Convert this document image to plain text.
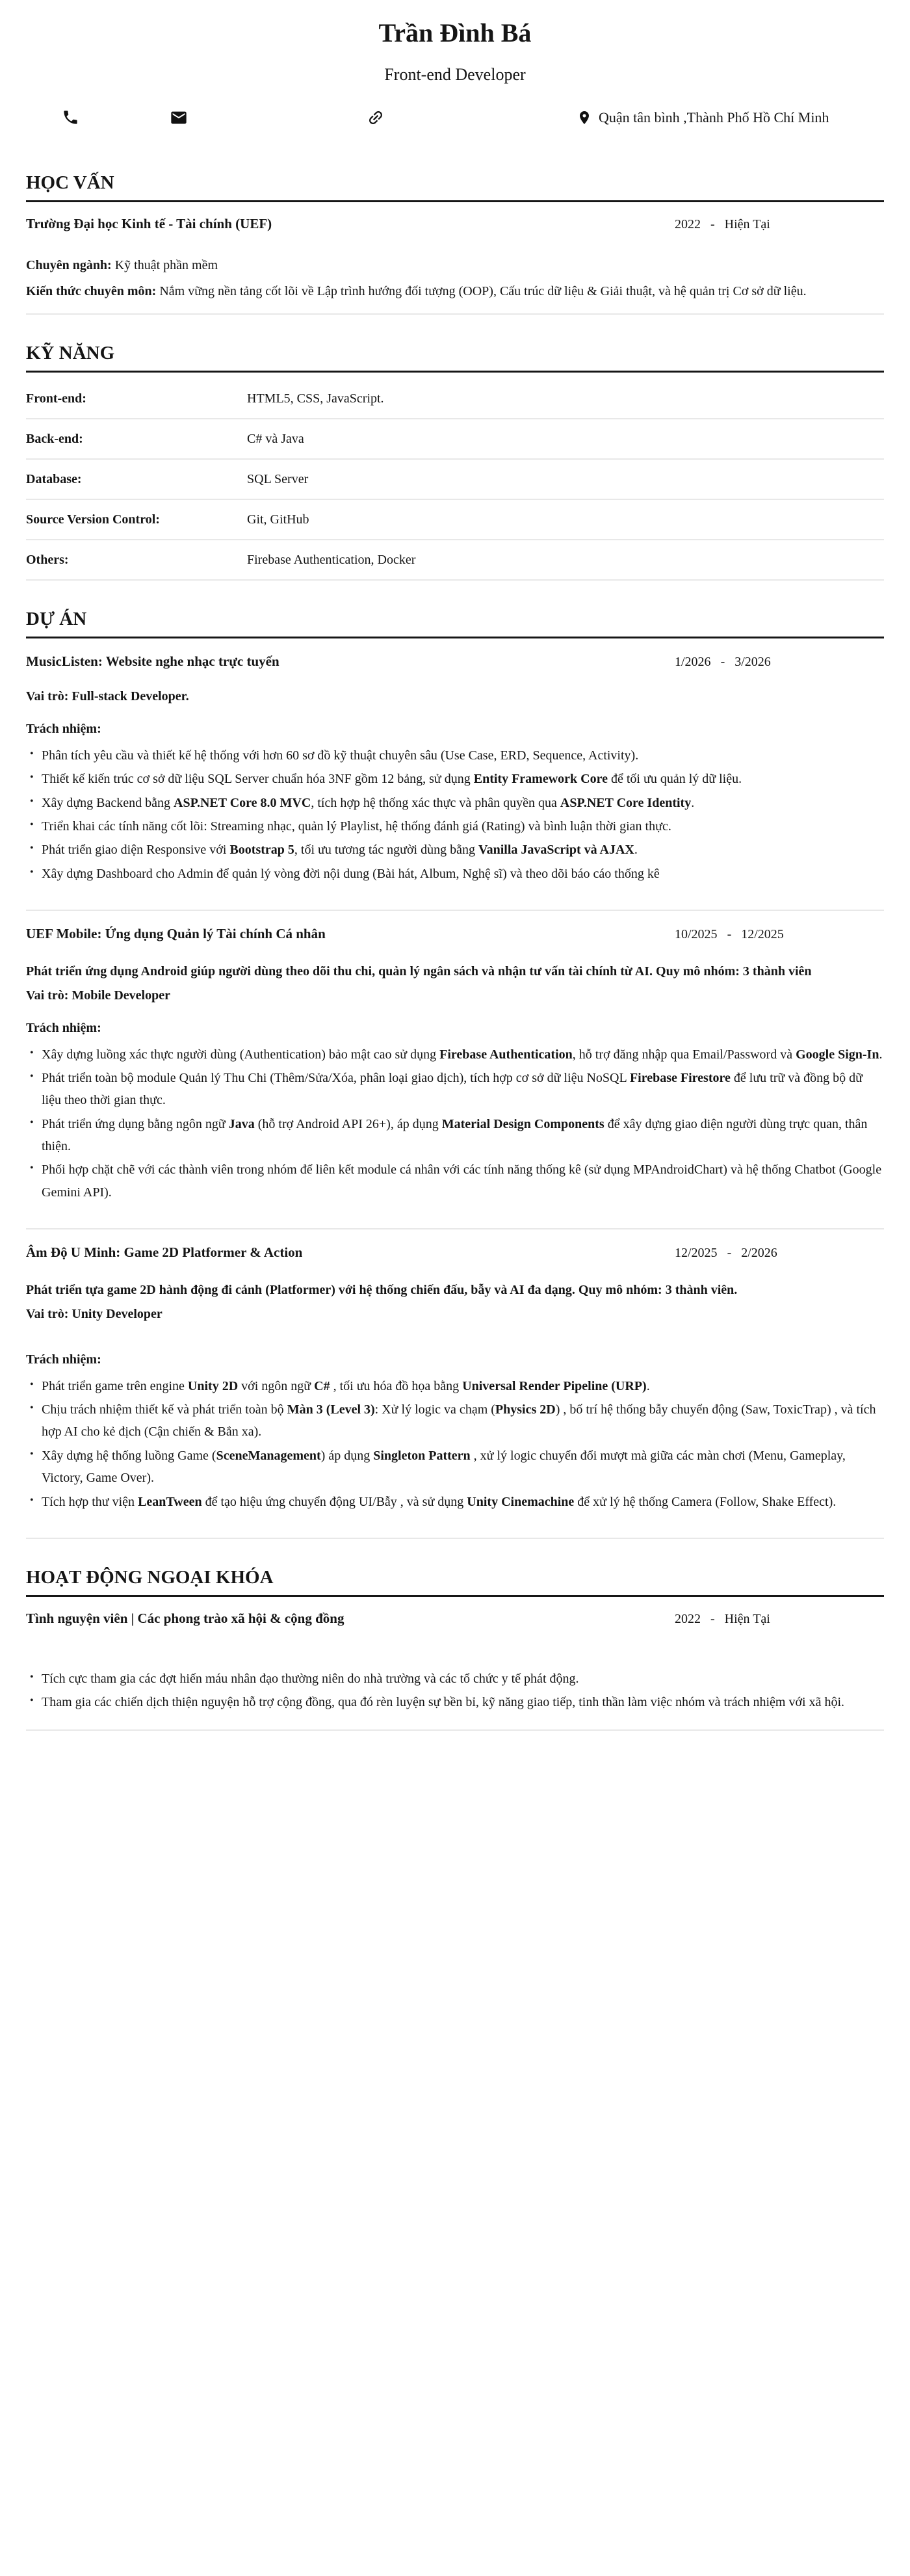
Trần Đình Bá
Front-end Developer
Quận tân bình ,Thành Phố Hồ Chí Minh
HỌC VẤN
Trường Đại học Kinh tế - Tài chính (UEF)	2022 - Hiện Tại
Chuyên ngành: Kỹ thuật phần mềm
Kiến thức chuyên môn: Nắm vững nền tảng cốt lõi về Lập trình hướng đối tượng (OOP), Cấu trúc dữ liệu & Giải thuật, và hệ quản trị Cơ sở dữ liệu.
KỸ NĂNG
Front-end:	HTML5, CSS, JavaScript.
Back-end:	C# và Java
Database:	SQL Server
Source Version Control:	Git, GitHub
Others:	Firebase Authentication, Docker
DỰ ÁN
MusicListen: Website nghe nhạc trực tuyến	1/2026 - 3/2026
Vai trò: Full-stack Developer.
Trách nhiệm:
• Phân tích yêu cầu và thiết kế hệ thống với hơn 60 sơ đồ kỹ thuật chuyên sâu (Use Case, ERD, Sequence, Activity).
• Thiết kế kiến trúc cơ sở dữ liệu SQL Server chuẩn hóa 3NF gồm 12 bảng, sử dụng Entity Framework Core để tối ưu quản lý dữ liệu.
• Xây dựng Backend bằng ASP.NET Core 8.0 MVC, tích hợp hệ thống xác thực và phân quyền qua ASP.NET Core Identity.
• Triển khai các tính năng cốt lõi: Streaming nhạc, quản lý Playlist, hệ thống đánh giá (Rating) và bình luận thời gian thực.
• Phát triển giao diện Responsive với Bootstrap 5, tối ưu tương tác người dùng bằng Vanilla JavaScript và AJAX.
• Xây dựng Dashboard cho Admin để quản lý vòng đời nội dung (Bài hát, Album, Nghệ sĩ) và theo dõi báo cáo thống kê
UEF Mobile: Ứng dụng Quản lý Tài chính Cá nhân	10/2025 - 12/2025
Phát triển ứng dụng Android giúp người dùng theo dõi thu chi, quản lý ngân sách và nhận tư vấn tài chính từ AI. Quy mô nhóm: 3 thành viên
Vai trò: Mobile Developer
Trách nhiệm:
• Xây dựng luồng xác thực người dùng (Authentication) bảo mật cao sử dụng Firebase Authentication, hỗ trợ đăng nhập qua Email/Password và Google Sign-In.
• Phát triển toàn bộ module Quản lý Thu Chi (Thêm/Sửa/Xóa, phân loại giao dịch), tích hợp cơ sở dữ liệu NoSQL Firebase Firestore để lưu trữ và đồng bộ dữ liệu theo thời gian thực.
• Phát triển ứng dụng bằng ngôn ngữ Java (hỗ trợ Android API 26+), áp dụng Material Design Components để xây dựng giao diện người dùng trực quan, thân thiện.
• Phối hợp chặt chẽ với các thành viên trong nhóm để liên kết module cá nhân với các tính năng thống kê (sử dụng MPAndroidChart) và hệ thống Chatbot (Google Gemini API).
Âm Độ U Minh: Game 2D Platformer & Action	12/2025 - 2/2026
Phát triển tựa game 2D hành động đi cảnh (Platformer) với hệ thống chiến đấu, bẫy và AI đa dạng. Quy mô nhóm: 3 thành viên.
Vai trò: Unity Developer
Trách nhiệm:
• Phát triển game trên engine Unity 2D với ngôn ngữ C# , tối ưu hóa đồ họa bằng Universal Render Pipeline (URP).
• Chịu trách nhiệm thiết kế và phát triển toàn bộ Màn 3 (Level 3): Xử lý logic va chạm (Physics 2D) , bố trí hệ thống bẫy chuyển động (Saw, ToxicTrap) , và tích hợp AI cho kẻ địch (Cận chiến & Bắn xa).
• Xây dựng hệ thống luồng Game (SceneManagement) áp dụng Singleton Pattern , xử lý logic chuyển đổi mượt mà giữa các màn chơi (Menu, Gameplay, Victory, Game Over).
• Tích hợp thư viện LeanTween để tạo hiệu ứng chuyển động UI/Bẫy , và sử dụng Unity Cinemachine để xử lý hệ thống Camera (Follow, Shake Effect).
HOẠT ĐỘNG NGOẠI KHÓA
Tình nguyện viên | Các phong trào xã hội & cộng đồng	2022 - Hiện Tại
• Tích cực tham gia các đợt hiến máu nhân đạo thường niên do nhà trường và các tổ chức y tế phát động.
• Tham gia các chiến dịch thiện nguyện hỗ trợ cộng đồng, qua đó rèn luyện sự bền bỉ, kỹ năng giao tiếp, tinh thần làm việc nhóm và trách nhiệm với xã hội.
